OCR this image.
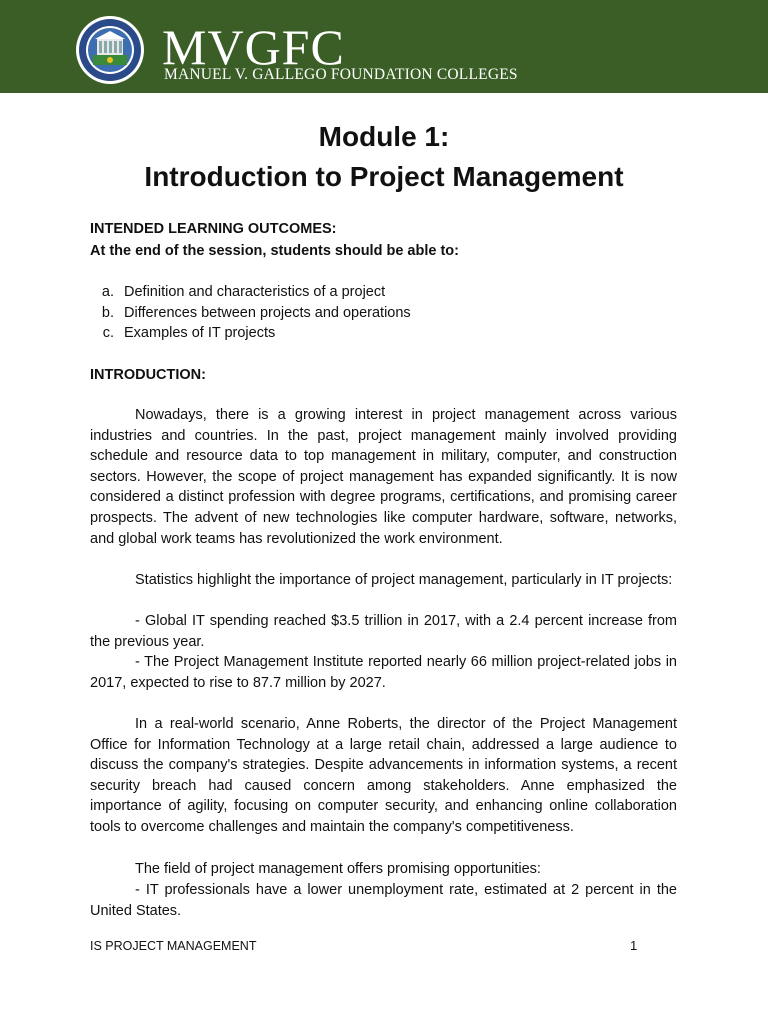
MVGFC
MANUEL V. GALLEGO FOUNDATION COLLEGES
Module 1:
Introduction to Project Management
INTENDED LEARNING OUTCOMES:
At the end of the session, students should be able to:
a. Definition and characteristics of a project
b. Differences between projects and operations
c. Examples of IT projects
INTRODUCTION:

Nowadays, there is a growing interest in project management across various industries and countries. In the past, project management mainly involved providing schedule and resource data to top management in military, computer, and construction sectors. However, the scope of project management has expanded significantly. It is now considered a distinct profession with degree programs, certifications, and promising career prospects. The advent of new technologies like computer hardware, software, networks, and global work teams has revolutionized the work environment.

Statistics highlight the importance of project management, particularly in IT projects:

- Global IT spending reached $3.5 trillion in 2017, with a 2.4 percent increase from the previous year.

- The Project Management Institute reported nearly 66 million project-related jobs in 2017, expected to rise to 87.7 million by 2027.

In a real-world scenario, Anne Roberts, the director of the Project Management Office for Information Technology at a large retail chain, addressed a large audience to discuss the company's strategies. Despite advancements in information systems, a recent security breach had caused concern among stakeholders. Anne emphasized the importance of agility, focusing on computer security, and enhancing online collaboration tools to overcome challenges and maintain the company's competitiveness.

The field of project management offers promising opportunities:

- IT professionals have a lower unemployment rate, estimated at 2 percent in the United States.

IS PROJECT MANAGEMENT	1
